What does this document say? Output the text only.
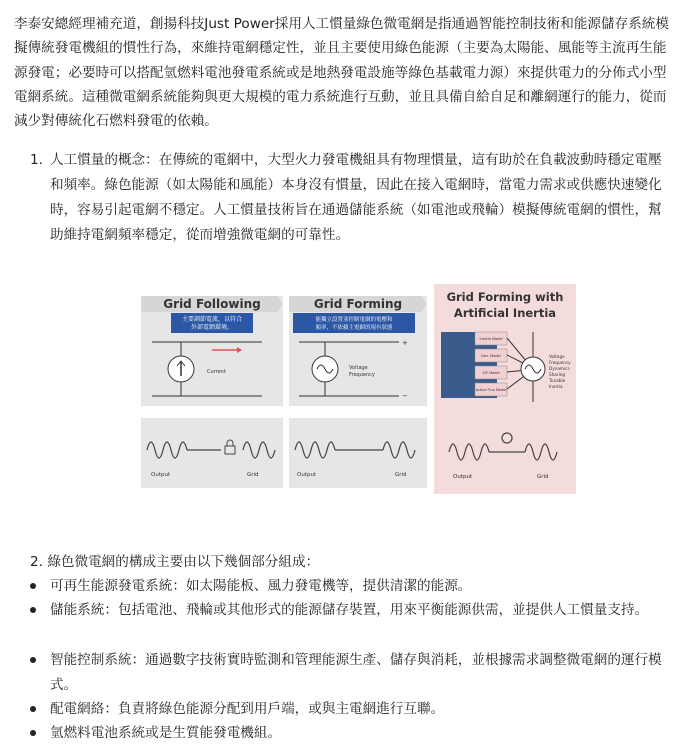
李泰安總經理補充道，創揚科技Just Power採用人工慣量綠色微電網是指通過智能控制技術和能源儲存系統模擬傳統發電機組的慣性行為，來維持電網穩定性，並且主要使用綠色能源（主要為太陽能、風能等主流再生能源發電；必要時可以搭配氫燃料電池發電系統或是地熱發電設施等綠色基載電力源）來提供電力的分佈式小型電網系統。這種微電網系統能夠與更大規模的電力系統進行互動，並且具備自給自足和離網運行的能力，從而減少對傳統化石燃料發電的依賴。

1. 人工慣量的概念：在傳統的電網中，大型火力發電機組具有物理慣量，這有助於在負載波動時穩定電壓和頻率。綠色能源（如太陽能和風能）本身沒有慣量，因此在接入電網時，當電力需求或供應快速變化時，容易引起電網不穩定。人工慣量技術旨在通過儲能系統（如電池或飛輪）模擬傳統電網的慣性，幫助維持電網頻率穩定，從而增強微電網的可靠性。
Grid Following	Grid Forming	Grid Forming with
Artificial Inertia
主要調節電流，以符合
外部電網環境。
能獨立設置並控制電網的電壓和
頻率，不依賴主電網的現有狀態
Current
+
−
Voltage
Frequency
Inertia Model
Dev. Model
V/F Model
Active Flux Model
Voltage
Frequency
Dynamics
Sharing
Tunable
Inertia
Output	Grid	Output	Grid	Output	Grid
2. 綠色微電網的構成主要由以下幾個部分組成：
可再生能源發電系統：如太陽能板、風力發電機等，提供清潔的能源。
儲能系統：包括電池、飛輪或其他形式的能源儲存裝置，用來平衡能源供需，並提供人工慣量支持。
智能控制系統：通過數字技術實時監測和管理能源生產、儲存與消耗，並根據需求調整微電網的運行模式。
配電網絡：負責將綠色能源分配到用戶端，或與主電網進行互聯。
氫燃料電池系統或是生質能發電機組。
